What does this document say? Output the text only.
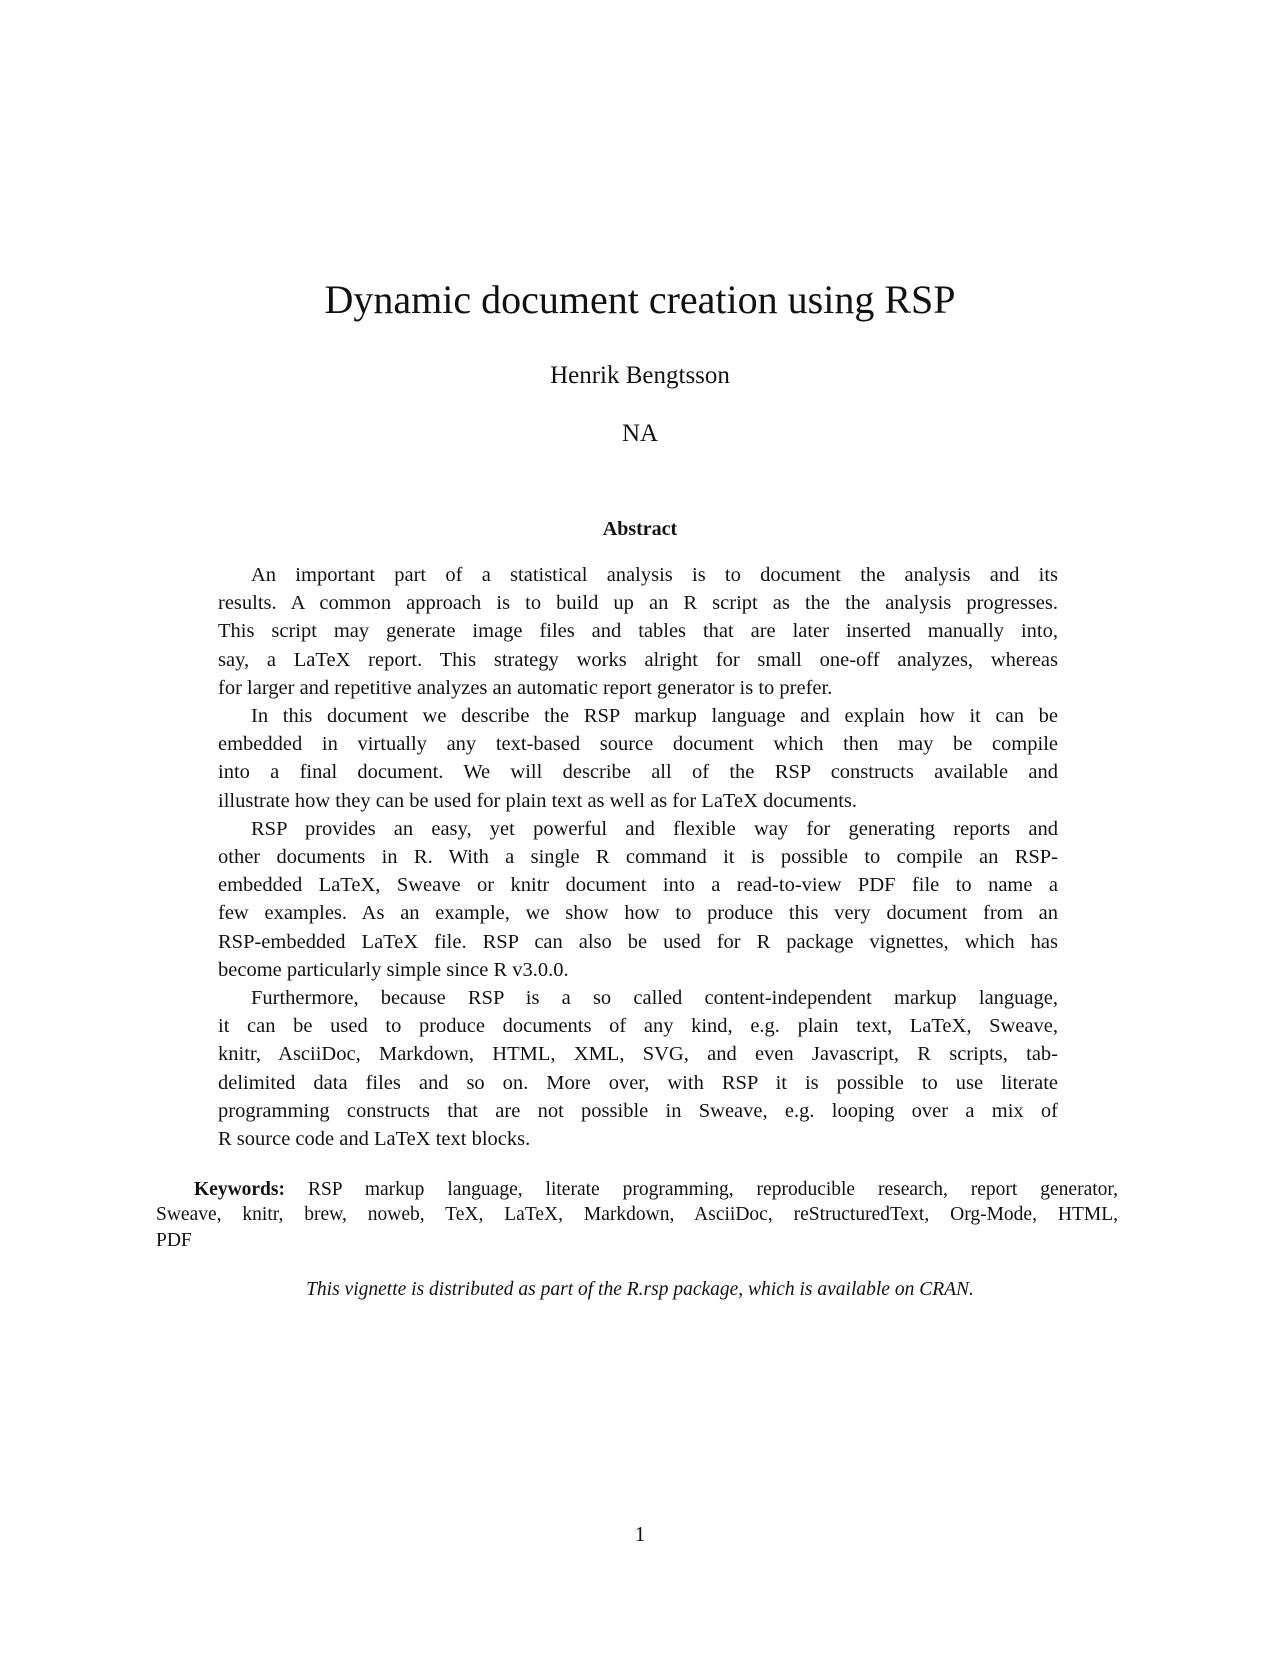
Dynamic document creation using RSP
Henrik Bengtsson
NA
Abstract
An important part of a statistical analysis is to document the analysis and its
results. A common approach is to build up an R script as the the analysis progresses.
This script may generate image files and tables that are later inserted manually into,
say, a LaTeX report. This strategy works alright for small one-off analyzes, whereas
for larger and repetitive analyzes an automatic report generator is to prefer.
In this document we describe the RSP markup language and explain how it can be
embedded in virtually any text-based source document which then may be compile
into a final document. We will describe all of the RSP constructs available and
illustrate how they can be used for plain text as well as for LaTeX documents.
RSP provides an easy, yet powerful and flexible way for generating reports and
other documents in R. With a single R command it is possible to compile an RSP-
embedded LaTeX, Sweave or knitr document into a read-to-view PDF file to name a
few examples. As an example, we show how to produce this very document from an
RSP-embedded LaTeX file. RSP can also be used for R package vignettes, which has
become particularly simple since R v3.0.0.
Furthermore, because RSP is a so called content-independent markup language,
it can be used to produce documents of any kind, e.g. plain text, LaTeX, Sweave,
knitr, AsciiDoc, Markdown, HTML, XML, SVG, and even Javascript, R scripts, tab-
delimited data files and so on. More over, with RSP it is possible to use literate
programming constructs that are not possible in Sweave, e.g. looping over a mix of
R source code and LaTeX text blocks.
Keywords: RSP markup language, literate programming, reproducible research, report generator,
Sweave, knitr, brew, noweb, TeX, LaTeX, Markdown, AsciiDoc, reStructuredText, Org-Mode, HTML,
PDF
This vignette is distributed as part of the R.rsp package, which is available on CRAN.
1
